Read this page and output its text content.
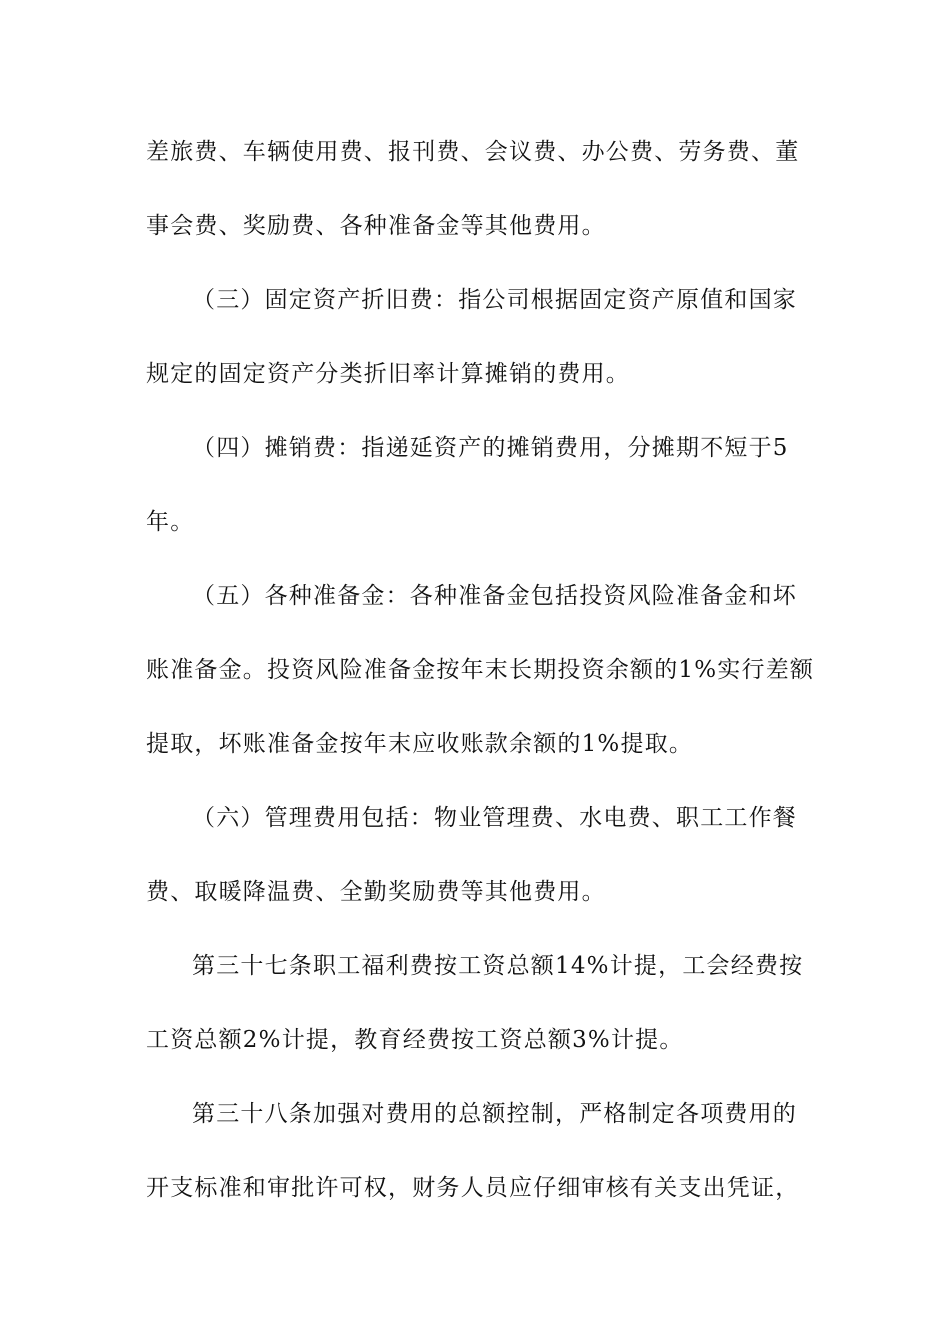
差旅费、车辆使用费、报刊费、会议费、办公费、劳务费、董
事会费、奖励费、各种准备金等其他费用。
（三）固定资产折旧费：指公司根据固定资产原值和国家
规定的固定资产分类折旧率计算摊销的费用。
（四）摊销费：指递延资产的摊销费用，分摊期不短于5
年。
（五）各种准备金：各种准备金包括投资风险准备金和坏
账准备金。投资风险准备金按年末长期投资余额的1%实行差额
提取，坏账准备金按年末应收账款余额的1%提取。
（六）管理费用包括：物业管理费、水电费、职工工作餐
费、取暖降温费、全勤奖励费等其他费用。
第三十七条职工福利费按工资总额14%计提，工会经费按
工资总额2%计提，教育经费按工资总额3%计提。
第三十八条加强对费用的总额控制，严格制定各项费用的
开支标准和审批许可权，财务人员应仔细审核有关支出凭证，
